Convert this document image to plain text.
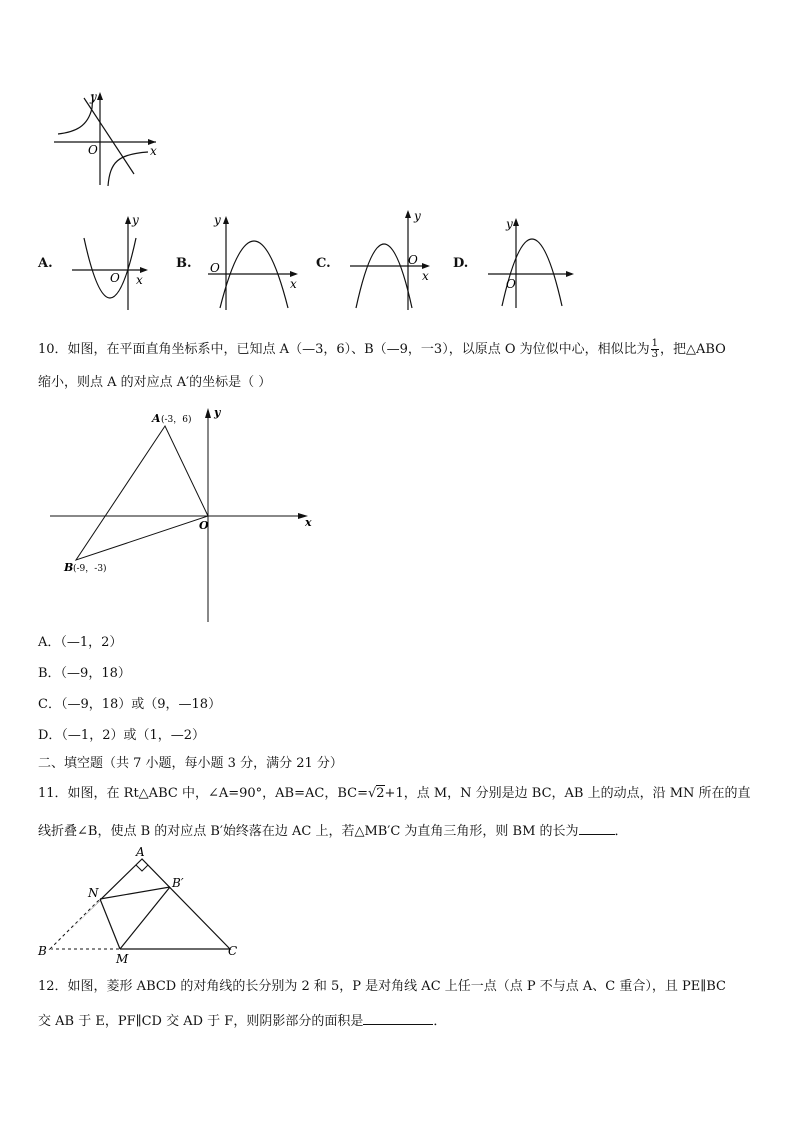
y
x
O
A.
y
x
O
B.
y
x
O	C.
y
x
O	D.
y
O
10．如图，在平面直角坐标系中，已知点 A（—3，6）、B（—9，一3），以原点 O 为位似中心，相似比为 $\frac{1}{3}$ ，把△ABO
缩小，则点 A 的对应点 A′的坐标是（ ）
A (-3，6)
B (-9，-3)
O	x
y
A．（—1，2）
B．（—9，18）
C．（—9，18）或（9，—18）
D．（—1，2）或（1，—2）
二、填空题（共 7 小题，每小题 3 分，满分 21 分）
11．如图，在 Rt△ABC 中，∠A=90°，AB=AC，BC=√2+1，点 M，N 分别是边 BC，AB 上的动点，沿 MN 所在的直
线折叠∠B，使点 B 的对应点 B′始终落在边 AC 上，若△MB′C 为直角三角形，则 BM 的长为	．
A
B	C
N
M
B′
12．如图，菱形 ABCD 的对角线的长分别为 2 和 5，P 是对角线 AC 上任一点（点 P 不与点 A、C 重合），且 PE∥BC
交 AB 于 E，PF∥CD 交 AD 于 F，则阴影部分的面积是	．
